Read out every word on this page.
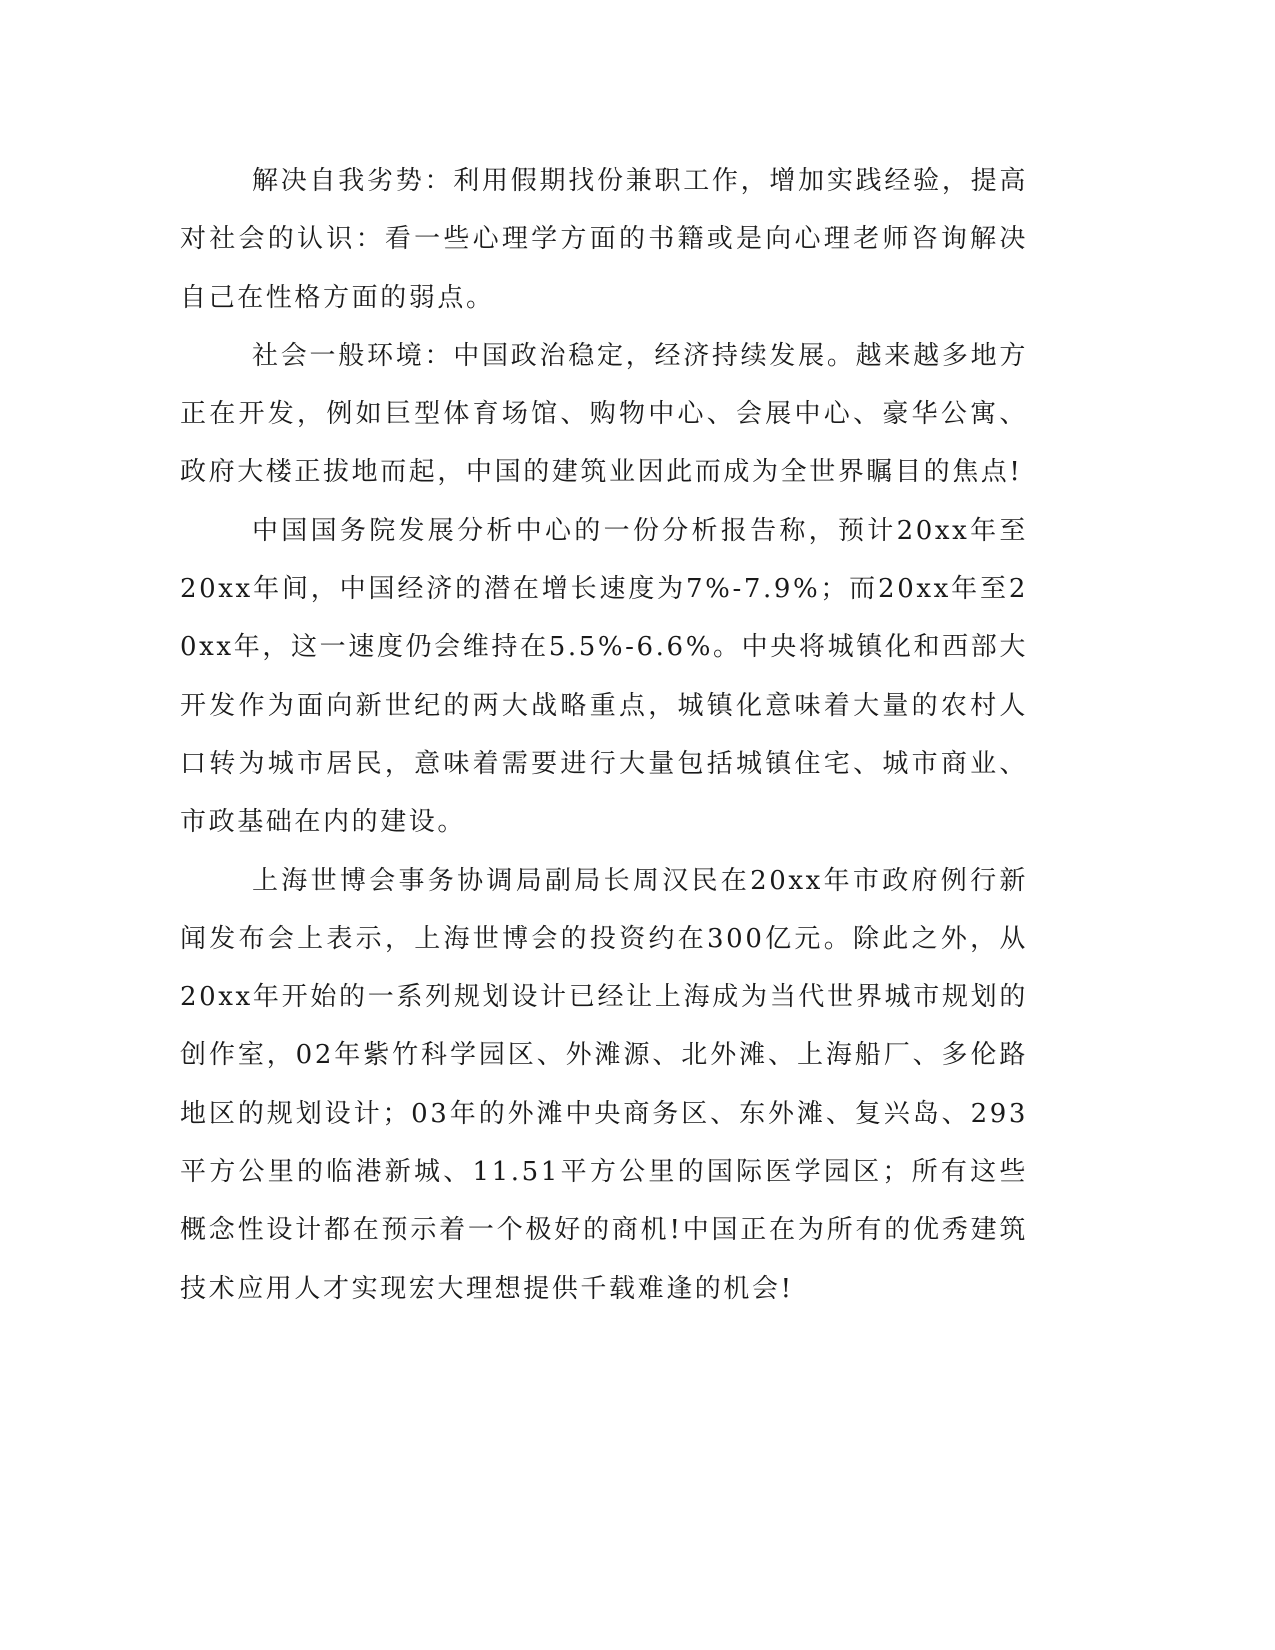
解决自我劣势：利用假期找份兼职工作，增加实践经验，提高对社会的认识：看一些心理学方面的书籍或是向心理老师咨询解决自己在性格方面的弱点。

社会一般环境：中国政治稳定，经济持续发展。越来越多地方正在开发，例如巨型体育场馆、购物中心、会展中心、豪华公寓、政府大楼正拔地而起，中国的建筑业因此而成为全世界瞩目的焦点!

中国国务院发展分析中心的一份分析报告称，预计20xx年至20xx年间，中国经济的潜在增长速度为7%-7.9%；而20xx年至20xx年，这一速度仍会维持在5.5%-6.6%。中央将城镇化和西部大开发作为面向新世纪的两大战略重点，城镇化意味着大量的农村人口转为城市居民，意味着需要进行大量包括城镇住宅、城市商业、市政基础在内的建设。

上海世博会事务协调局副局长周汉民在20xx年市政府例行新闻发布会上表示，上海世博会的投资约在300亿元。除此之外，从20xx年开始的一系列规划设计已经让上海成为当代世界城市规划的创作室，02年紫竹科学园区、外滩源、北外滩、上海船厂、多伦路地区的规划设计；03年的外滩中央商务区、东外滩、复兴岛、293平方公里的临港新城、11.51平方公里的国际医学园区；所有这些概念性设计都在预示着一个极好的商机!中国正在为所有的优秀建筑技术应用人才实现宏大理想提供千载难逢的机会!
